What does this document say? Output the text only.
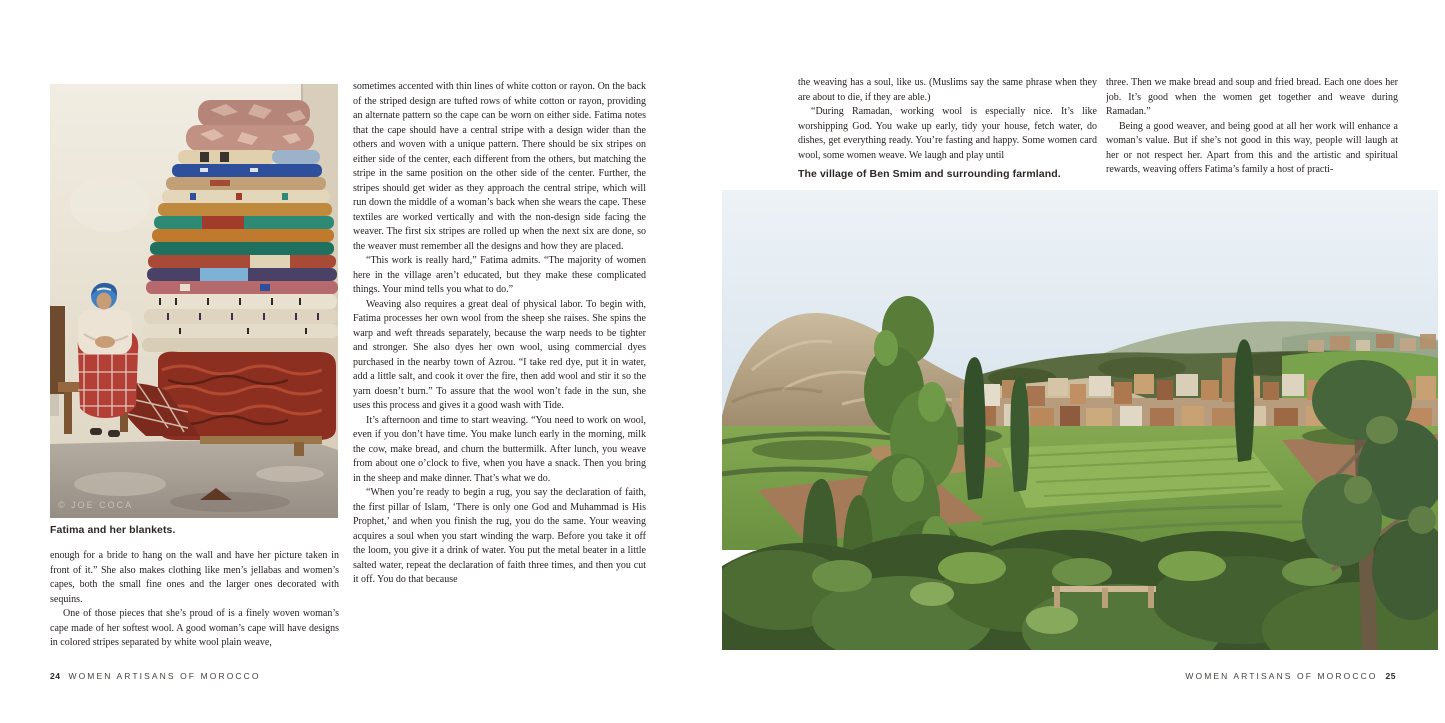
© JOE COCA
Fatima and her blankets.

enough for a bride to hang on the wall and have her picture taken in front of it.” She also makes clothing like men’s jellabas and women’s capes, both the small fine ones and the larger ones decorated with sequins.

One of those pieces that she’s proud of is a finely woven woman’s cape made of her softest wool. A good woman’s cape will have designs in colored stripes separated by white wool plain weave,

sometimes accented with thin lines of white cotton or rayon. On the back of the striped design are tufted rows of white cotton or rayon, providing an alternate pattern so the cape can be worn on either side. Fatima notes that the cape should have a central stripe with a design wider than the others and woven with a unique pattern. There should be six stripes on either side of the center, each different from the others, but matching the stripe in the same position on the other side of the center. Further, the stripes should get wider as they approach the central stripe, which will run down the middle of a woman’s back when she wears the cape. These textiles are worked vertically and with the non-design side facing the weaver. The first six stripes are rolled up when the next six are done, so the weaver must remember all the designs and how they are placed.

“This work is really hard,” Fatima admits. “The majority of women here in the village aren’t educated, but they make these complicated things. Your mind tells you what to do.”

Weaving also requires a great deal of physical labor. To begin with, Fatima processes her own wool from the sheep she raises. She spins the warp and weft threads separately, because the warp needs to be tighter and stronger. She also dyes her own wool, using commercial dyes purchased in the nearby town of Azrou. “I take red dye, put it in water, add a little salt, and cook it over the fire, then add wool and stir it so the yarn doesn’t burn.” To assure that the wool won’t fade in the sun, she uses this process and gives it a good wash with Tide.

It’s afternoon and time to start weaving. “You need to work on wool, even if you don’t have time. You make lunch early in the morning, milk the cow, make bread, and churn the buttermilk. After lunch, you weave from about one o’clock to five, when you have a snack. Then you bring in the sheep and make dinner. That’s what we do.

“When you’re ready to begin a rug, you say the declaration of faith, the first pillar of Islam, ‘There is only one God and Muhammad is His Prophet,’ and when you finish the rug, you do the same. Your weaving acquires a soul when you start winding the warp. Before you take it off the loom, you give it a drink of water. You put the metal beater in a little salted water, repeat the declaration of faith three times, and then you cut it off. You do that because

the weaving has a soul, like us. (Muslims say the same phrase when they are about to die, if they are able.)

“During Ramadan, working wool is especially nice. It’s like worshipping God. You wake up early, tidy your house, fetch water, do dishes, get everything ready. You’re fasting and happy. Some women card wool, some women weave. We laugh and play until

The village of Ben Smim and surrounding farmland.

three. Then we make bread and soup and fried bread. Each one does her job. It’s good when the women get together and weave during Ramadan.”

Being a good weaver, and being good at all her work will enhance a woman’s value. But if she’s not good in this way, people will laugh at her or not respect her. Apart from this and the artistic and spiritual rewards, weaving offers Fatima’s family a host of practi-

24 WOMEN ARTISANS OF MOROCCO	WOMEN ARTISANS OF MOROCCO 25
